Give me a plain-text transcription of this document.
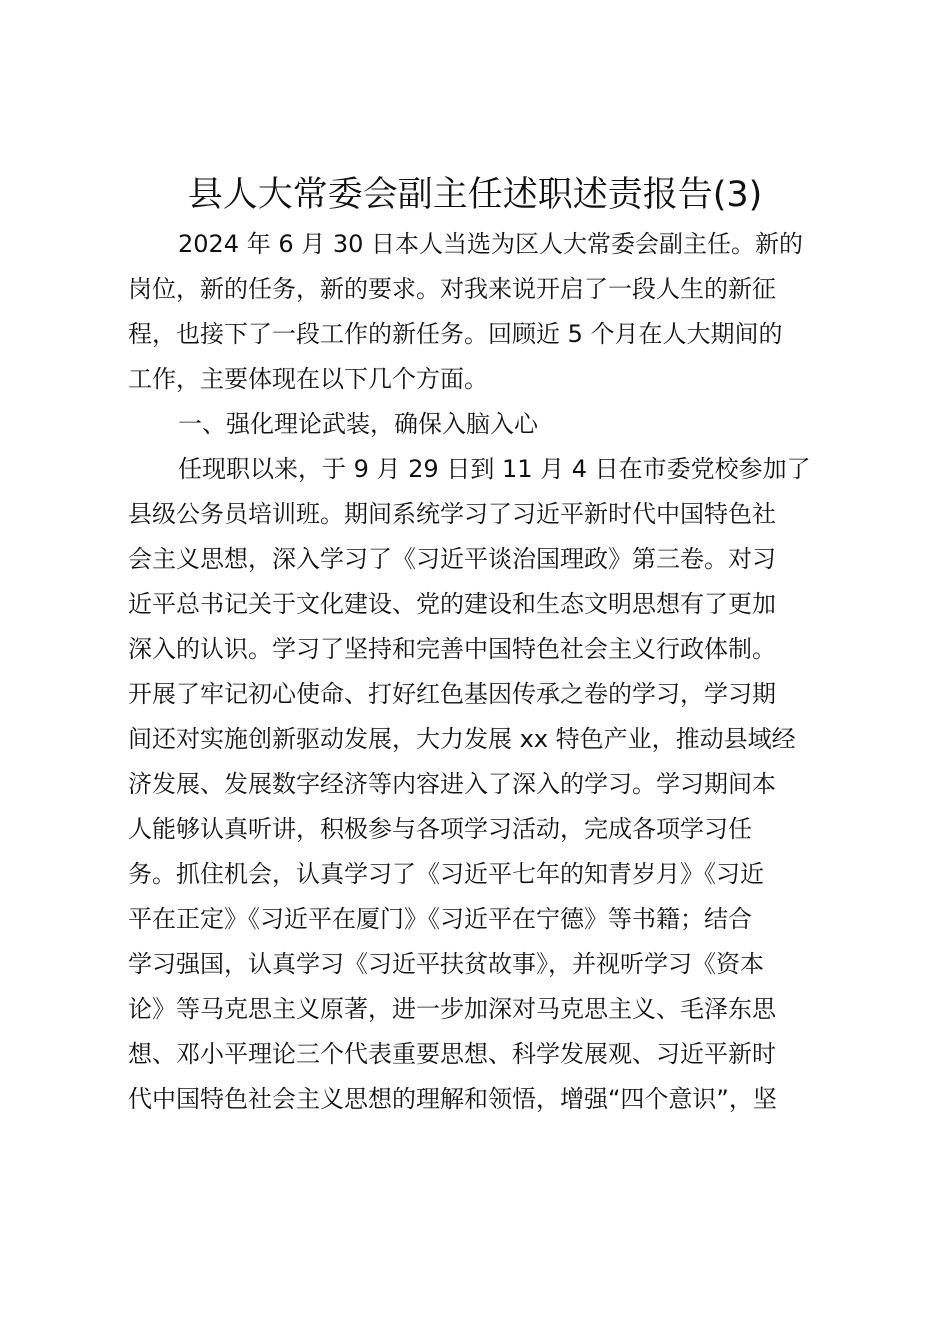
县人大常委会副主任述职述责报告(3)
2024 年 6 月 30 日本人当选为区人大常委会副主任。新的
岗位，新的任务，新的要求。对我来说开启了一段人生的新征
程，也接下了一段工作的新任务。回顾近 5 个月在人大期间的
工作，主要体现在以下几个方面。
一、强化理论武装，确保入脑入心
任现职以来，于 9 月 29 日到 11 月 4 日在市委党校参加了
县级公务员培训班。期间系统学习了习近平新时代中国特色社
会主义思想，深入学习了《习近平谈治国理政》第三卷。对习
近平总书记关于文化建设、党的建设和生态文明思想有了更加
深入的认识。学习了坚持和完善中国特色社会主义行政体制。
开展了牢记初心使命、打好红色基因传承之卷的学习，学习期
间还对实施创新驱动发展，大力发展 xx 特色产业，推动县域经
济发展、发展数字经济等内容进入了深入的学习。学习期间本
人能够认真听讲，积极参与各项学习活动，完成各项学习任
务。抓住机会，认真学习了《习近平七年的知青岁月》《习近
平在正定》《习近平在厦门》《习近平在宁德》等书籍；结合
学习强国，认真学习《习近平扶贫故事》，并视听学习《资本
论》等马克思主义原著，进一步加深对马克思主义、毛泽东思
想、邓小平理论三个代表重要思想、科学发展观、习近平新时
代中国特色社会主义思想的理解和领悟，增强“四个意识”，坚
